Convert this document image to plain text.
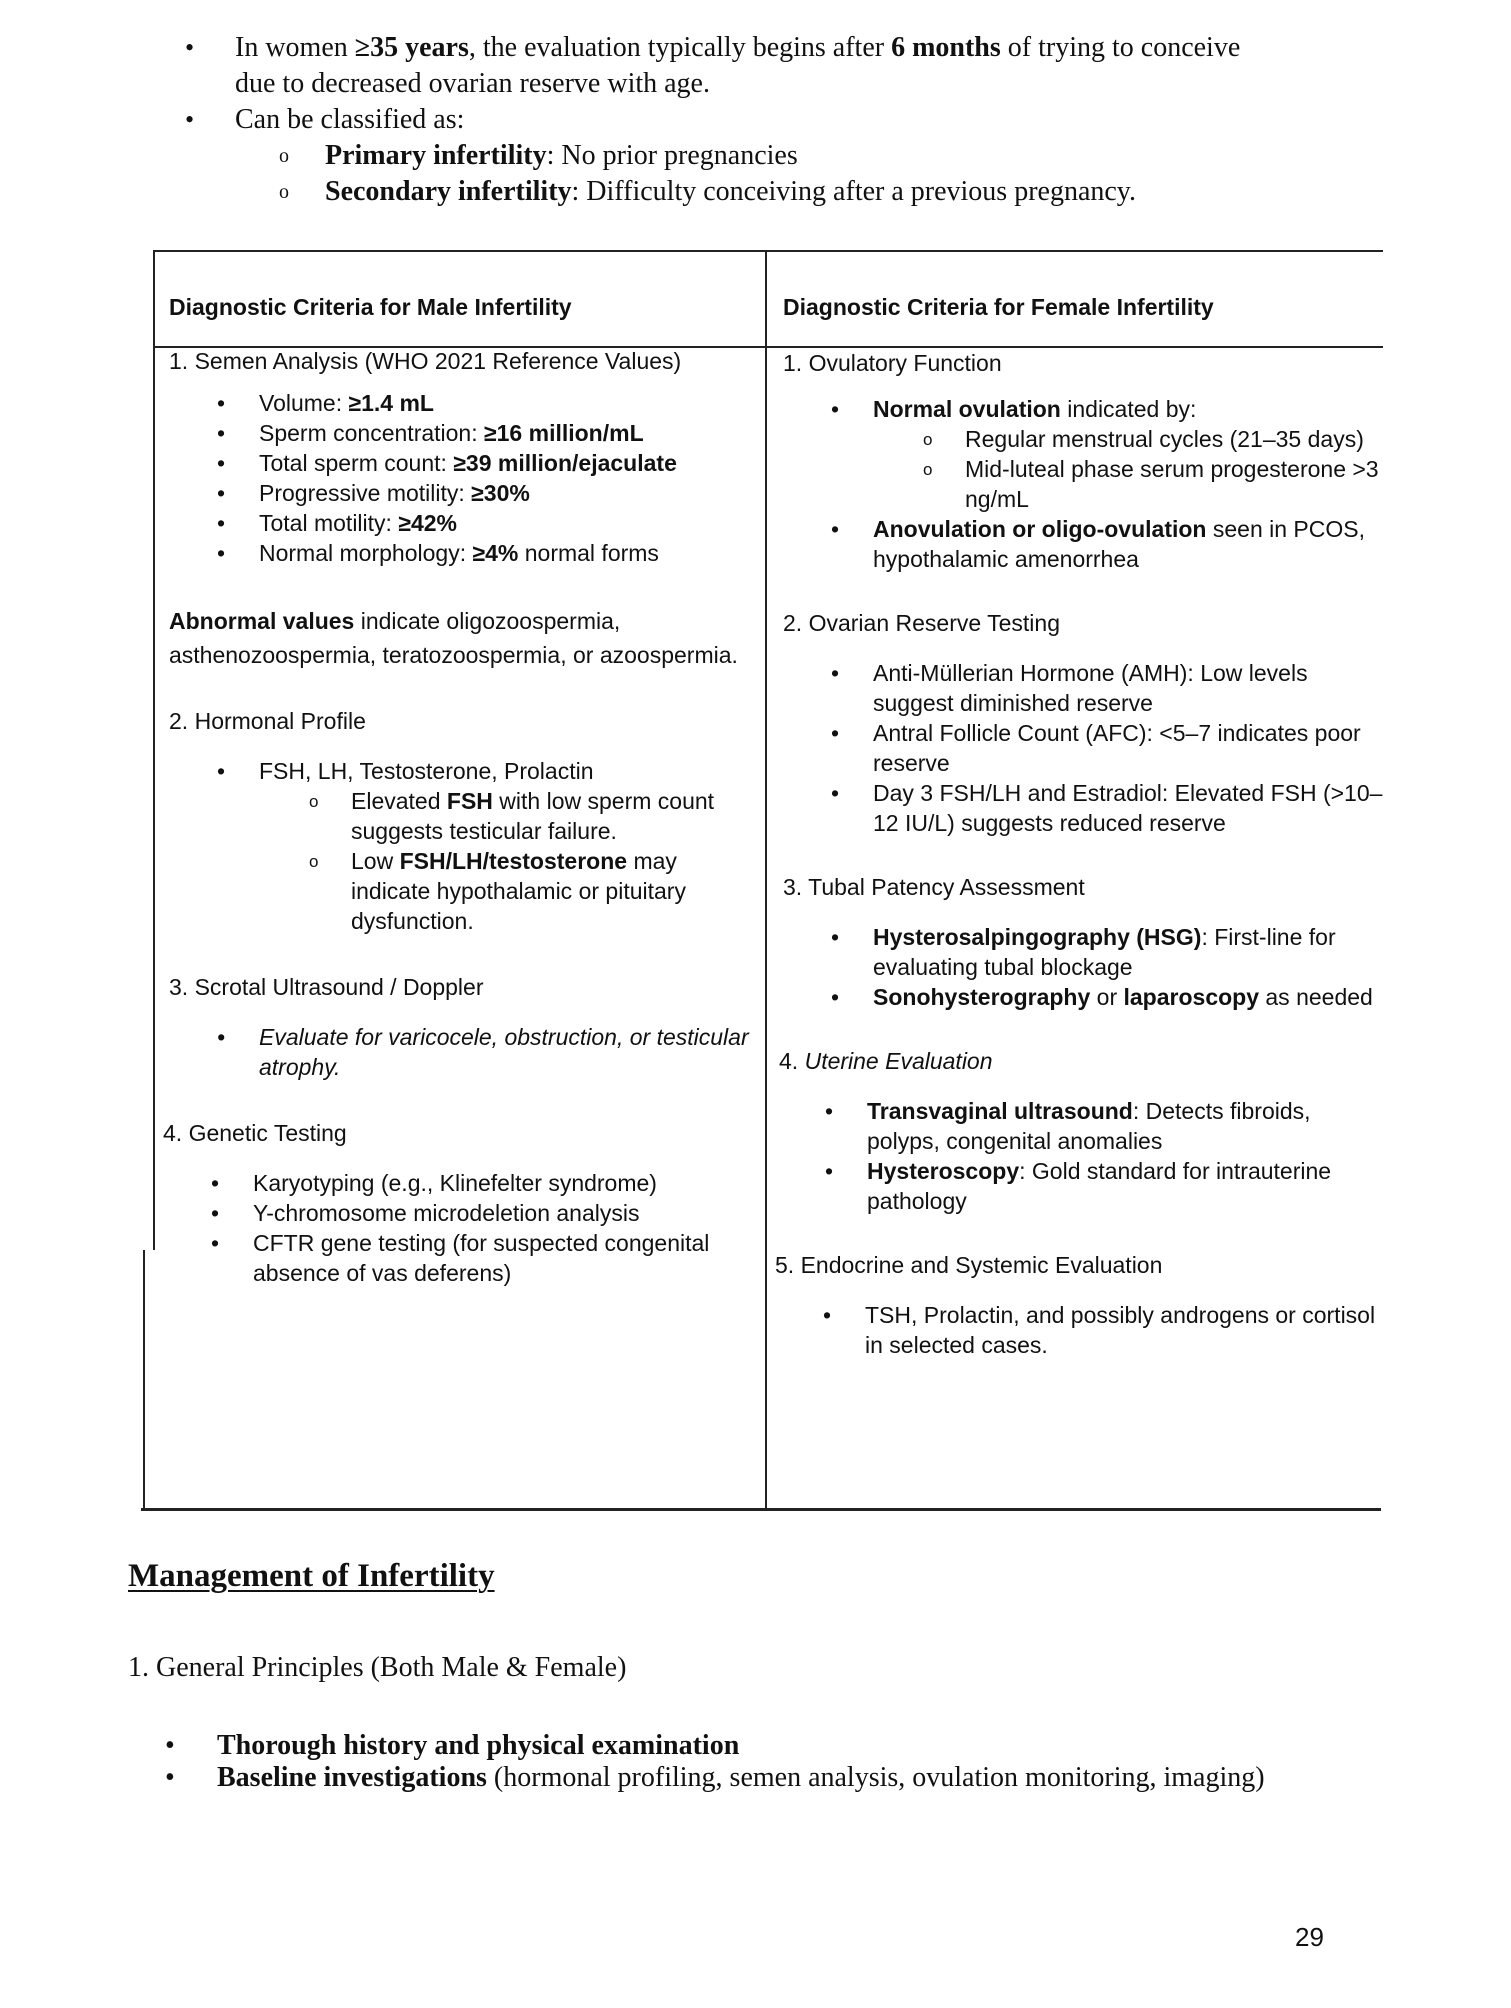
• In women ≥35 years, the evaluation typically begins after 6 months of trying to conceive due to decreased ovarian reserve with age.
• Can be classified as:
o Primary infertility: No prior pregnancies
o Secondary infertility: Difficulty conceiving after a previous pregnancy.
Diagnostic Criteria for Male Infertility	Diagnostic Criteria for Female Infertility
1. Semen Analysis (WHO 2021 Reference Values)
• Volume: ≥1.4 mL
• Sperm concentration: ≥16 million/mL
• Total sperm count: ≥39 million/ejaculate
• Progressive motility: ≥30%
• Total motility: ≥42%
• Normal morphology: ≥4% normal forms

Abnormal values indicate oligozoospermia, asthenozoospermia, teratozoospermia, or azoospermia.

2. Hormonal Profile
• FSH, LH, Testosterone, Prolactin
o Elevated FSH with low sperm count suggests testicular failure.
o Low FSH/LH/testosterone may indicate hypothalamic or pituitary dysfunction.
3. Scrotal Ultrasound / Doppler
• Evaluate for varicocele, obstruction, or testicular atrophy.
4. Genetic Testing
• Karyotyping (e.g., Klinefelter syndrome)
• Y-chromosome microdeletion analysis
• CFTR gene testing (for suspected congenital absence of vas deferens)
1. Ovulatory Function
• Normal ovulation indicated by:
o Regular menstrual cycles (21–35 days)
o Mid-luteal phase serum progesterone >3 ng/mL
• Anovulation or oligo-ovulation seen in PCOS, hypothalamic amenorrhea
2. Ovarian Reserve Testing
• Anti-Müllerian Hormone (AMH): Low levels suggest diminished reserve
• Antral Follicle Count (AFC): <5–7 indicates poor reserve
• Day 3 FSH/LH and Estradiol: Elevated FSH (>10–12 IU/L) suggests reduced reserve
3. Tubal Patency Assessment
• Hysterosalpingography (HSG): First-line for evaluating tubal blockage
• Sonohysterography or laparoscopy as needed
4. Uterine Evaluation
• Transvaginal ultrasound: Detects fibroids, polyps, congenital anomalies
• Hysteroscopy: Gold standard for intrauterine pathology
5. Endocrine and Systemic Evaluation
• TSH, Prolactin, and possibly androgens or cortisol in selected cases.
Management of Infertility
1. General Principles (Both Male & Female)
• Thorough history and physical examination
• Baseline investigations (hormonal profiling, semen analysis, ovulation monitoring, imaging)
29
